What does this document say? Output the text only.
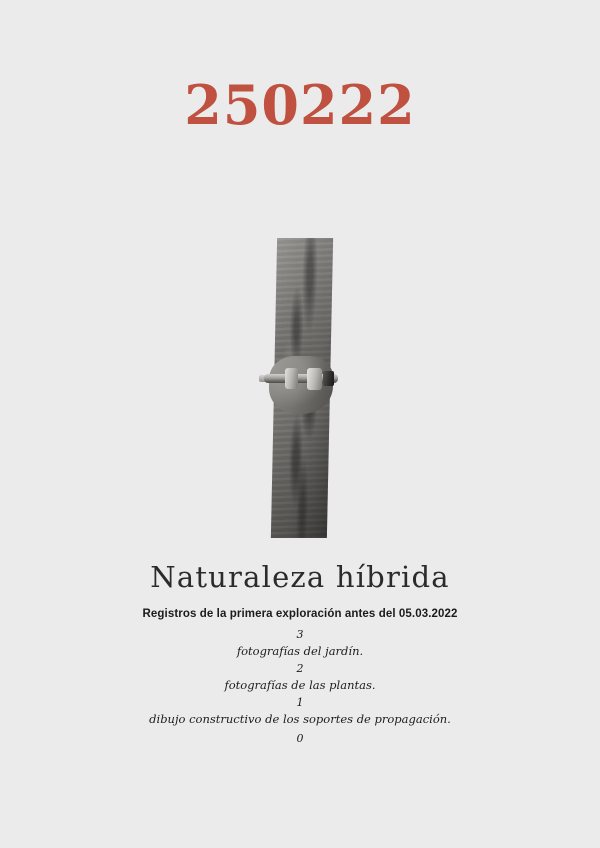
250222
Naturaleza híbrida
Registros de la primera exploración antes del 05.03.2022
3
fotografías del jardín.
2
fotografías de las plantas.
1
dibujo constructivo de los soportes de propagación.
0
